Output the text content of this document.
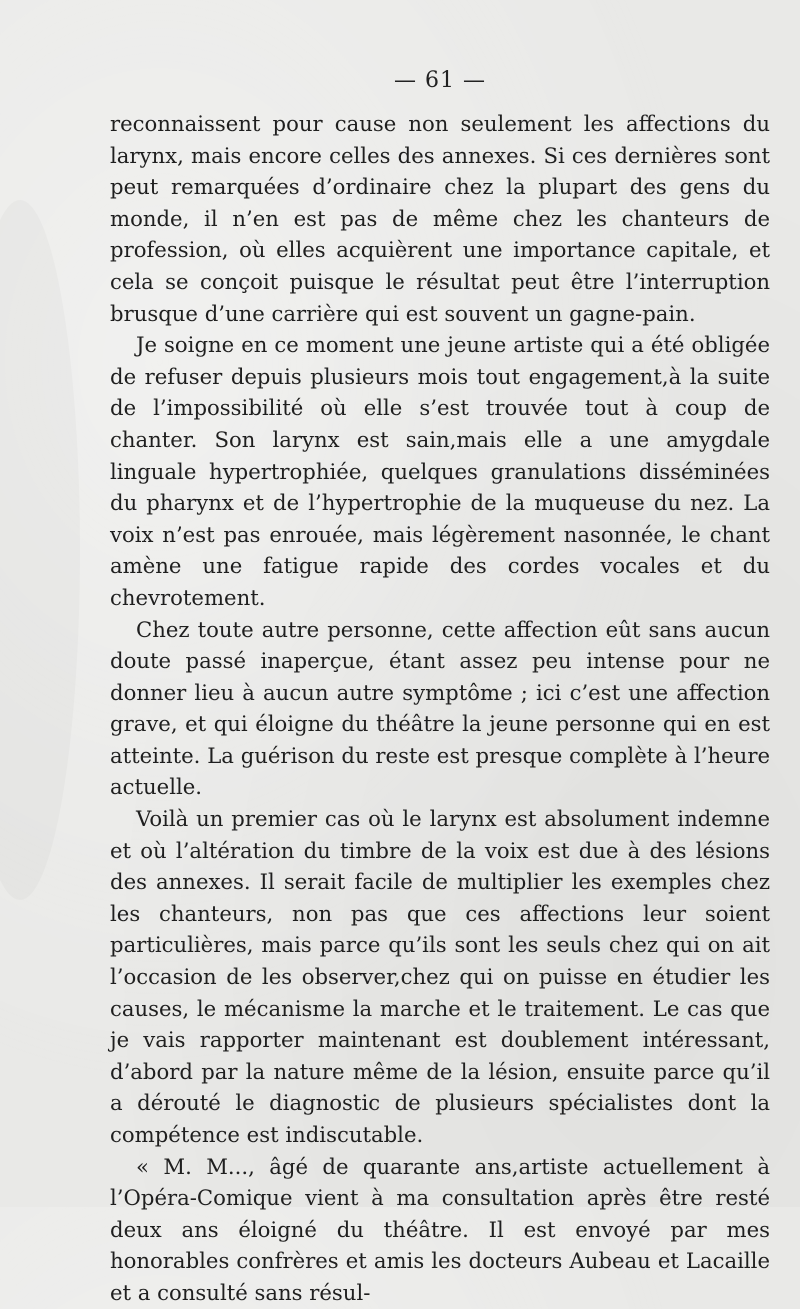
— 61 —

reconnaissent pour cause non seulement les affections du larynx, mais encore celles des annexes. Si ces dernières sont peut remarquées d’ordinaire chez la plupart des gens du monde, il n’en est pas de même chez les chanteurs de profession, où elles acquièrent une importance capitale, et cela se conçoit puisque le résultat peut être l’interruption brusque d’une carrière qui est souvent un gagne-pain.

Je soigne en ce moment une jeune artiste qui a été obligée de refuser depuis plusieurs mois tout engagement,à la suite de l’impossibilité où elle s’est trouvée tout à coup de chanter. Son larynx est sain,mais elle a une amygdale linguale hypertrophiée, quelques granulations disséminées du pharynx et de l’hypertrophie de la muqueuse du nez. La voix n’est pas enrouée, mais légèrement nasonnée, le chant amène une fatigue rapide des cordes vocales et du chevrotement.

Chez toute autre personne, cette affection eût sans aucun doute passé inaperçue, étant assez peu intense pour ne donner lieu à aucun autre symptôme ; ici c’est une affection grave, et qui éloigne du théâtre la jeune personne qui en est atteinte. La guérison du reste est presque complète à l’heure actuelle.

Voilà un premier cas où le larynx est absolument indemne et où l’altération du timbre de la voix est due à des lésions des annexes. Il serait facile de multiplier les exemples chez les chanteurs, non pas que ces affections leur soient particulières, mais parce qu’ils sont les seuls chez qui on ait l’occasion de les observer,chez qui on puisse en étudier les causes, le mécanisme la marche et le traitement. Le cas que je vais rapporter maintenant est doublement intéressant, d’abord par la nature même de la lésion, ensuite parce qu’il a dérouté le diagnostic de plusieurs spécialistes dont la compétence est indiscutable.

« M. M..., âgé de quarante ans,artiste actuellement à l’Opéra-Comique vient à ma consultation après être resté deux ans éloigné du théâtre. Il est envoyé par mes honorables confrères et amis les docteurs Aubeau et Lacaille et a consulté sans résul-
